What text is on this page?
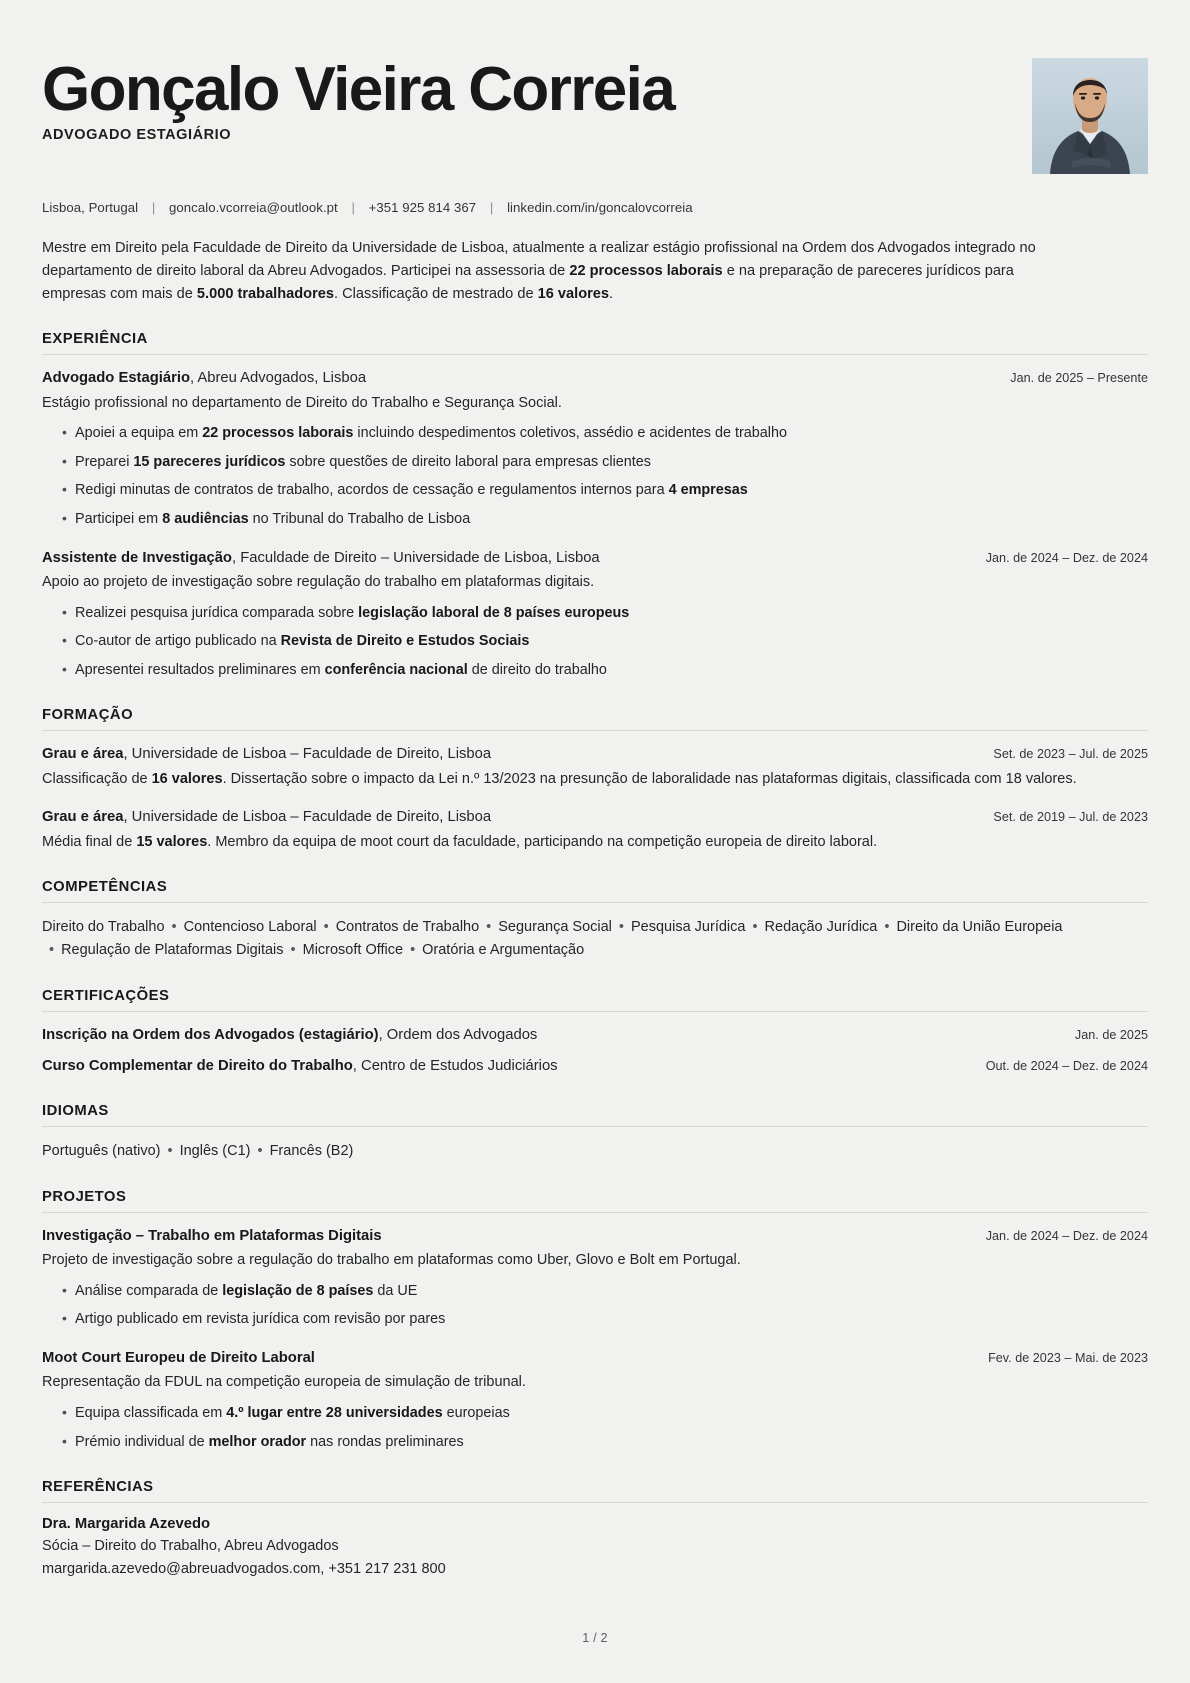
Gonçalo Vieira Correia
ADVOGADO ESTAGIÁRIO
Lisboa, Portugal | goncalo.vcorreia@outlook.pt | +351 925 814 367 | linkedin.com/in/goncalovcorreia

Mestre em Direito pela Faculdade de Direito da Universidade de Lisboa, atualmente a realizar estágio profissional na Ordem dos Advogados integrado no departamento de direito laboral da Abreu Advogados. Participei na assessoria de 22 processos laborais e na preparação de pareceres jurídicos para empresas com mais de 5.000 trabalhadores. Classificação de mestrado de 16 valores.

EXPERIÊNCIA
Advogado Estagiário, Abreu Advogados, Lisboa	Jan. de 2025 – Presente
Estágio profissional no departamento de Direito do Trabalho e Segurança Social.
• Apoiei a equipa em 22 processos laborais incluindo despedimentos coletivos, assédio e acidentes de trabalho
• Preparei 15 pareceres jurídicos sobre questões de direito laboral para empresas clientes
• Redigi minutas de contratos de trabalho, acordos de cessação e regulamentos internos para 4 empresas
• Participei em 8 audiências no Tribunal do Trabalho de Lisboa
Assistente de Investigação, Faculdade de Direito – Universidade de Lisboa, Lisboa	Jan. de 2024 – Dez. de 2024
Apoio ao projeto de investigação sobre regulação do trabalho em plataformas digitais.
• Realizei pesquisa jurídica comparada sobre legislação laboral de 8 países europeus
• Co-autor de artigo publicado na Revista de Direito e Estudos Sociais
• Apresentei resultados preliminares em conferência nacional de direito do trabalho
FORMAÇÃO
Grau e área, Universidade de Lisboa – Faculdade de Direito, Lisboa	Set. de 2023 – Jul. de 2025
Classificação de 16 valores. Dissertação sobre o impacto da Lei n.º 13/2023 na presunção de laboralidade nas plataformas digitais, classificada com 18 valores.
Grau e área, Universidade de Lisboa – Faculdade de Direito, Lisboa	Set. de 2019 – Jul. de 2023
Média final de 15 valores. Membro da equipa de moot court da faculdade, participando na competição europeia de direito laboral.
COMPETÊNCIAS
Direito do Trabalho • Contencioso Laboral • Contratos de Trabalho • Segurança Social • Pesquisa Jurídica • Redação Jurídica • Direito da União Europeia• Regulação de Plataformas Digitais • Microsoft Office • Oratória e Argumentação
CERTIFICAÇÕES
Inscrição na Ordem dos Advogados (estagiário), Ordem dos Advogados	Jan. de 2025
Curso Complementar de Direito do Trabalho, Centro de Estudos Judiciários	Out. de 2024 – Dez. de 2024
IDIOMAS
Português (nativo) • Inglês (C1) • Francês (B2)
PROJETOS
Investigação – Trabalho em Plataformas Digitais	Jan. de 2024 – Dez. de 2024
Projeto de investigação sobre a regulação do trabalho em plataformas como Uber, Glovo e Bolt em Portugal.
• Análise comparada de legislação de 8 países da UE
• Artigo publicado em revista jurídica com revisão por pares
Moot Court Europeu de Direito Laboral	Fev. de 2023 – Mai. de 2023
Representação da FDUL na competição europeia de simulação de tribunal.
• Equipa classificada em 4.º lugar entre 28 universidades europeias
• Prémio individual de melhor orador nas rondas preliminares
REFERÊNCIAS
Dra. Margarida Azevedo
Sócia – Direito do Trabalho, Abreu Advogados
margarida.azevedo@abreuadvogados.com, +351 217 231 800
1 / 2
